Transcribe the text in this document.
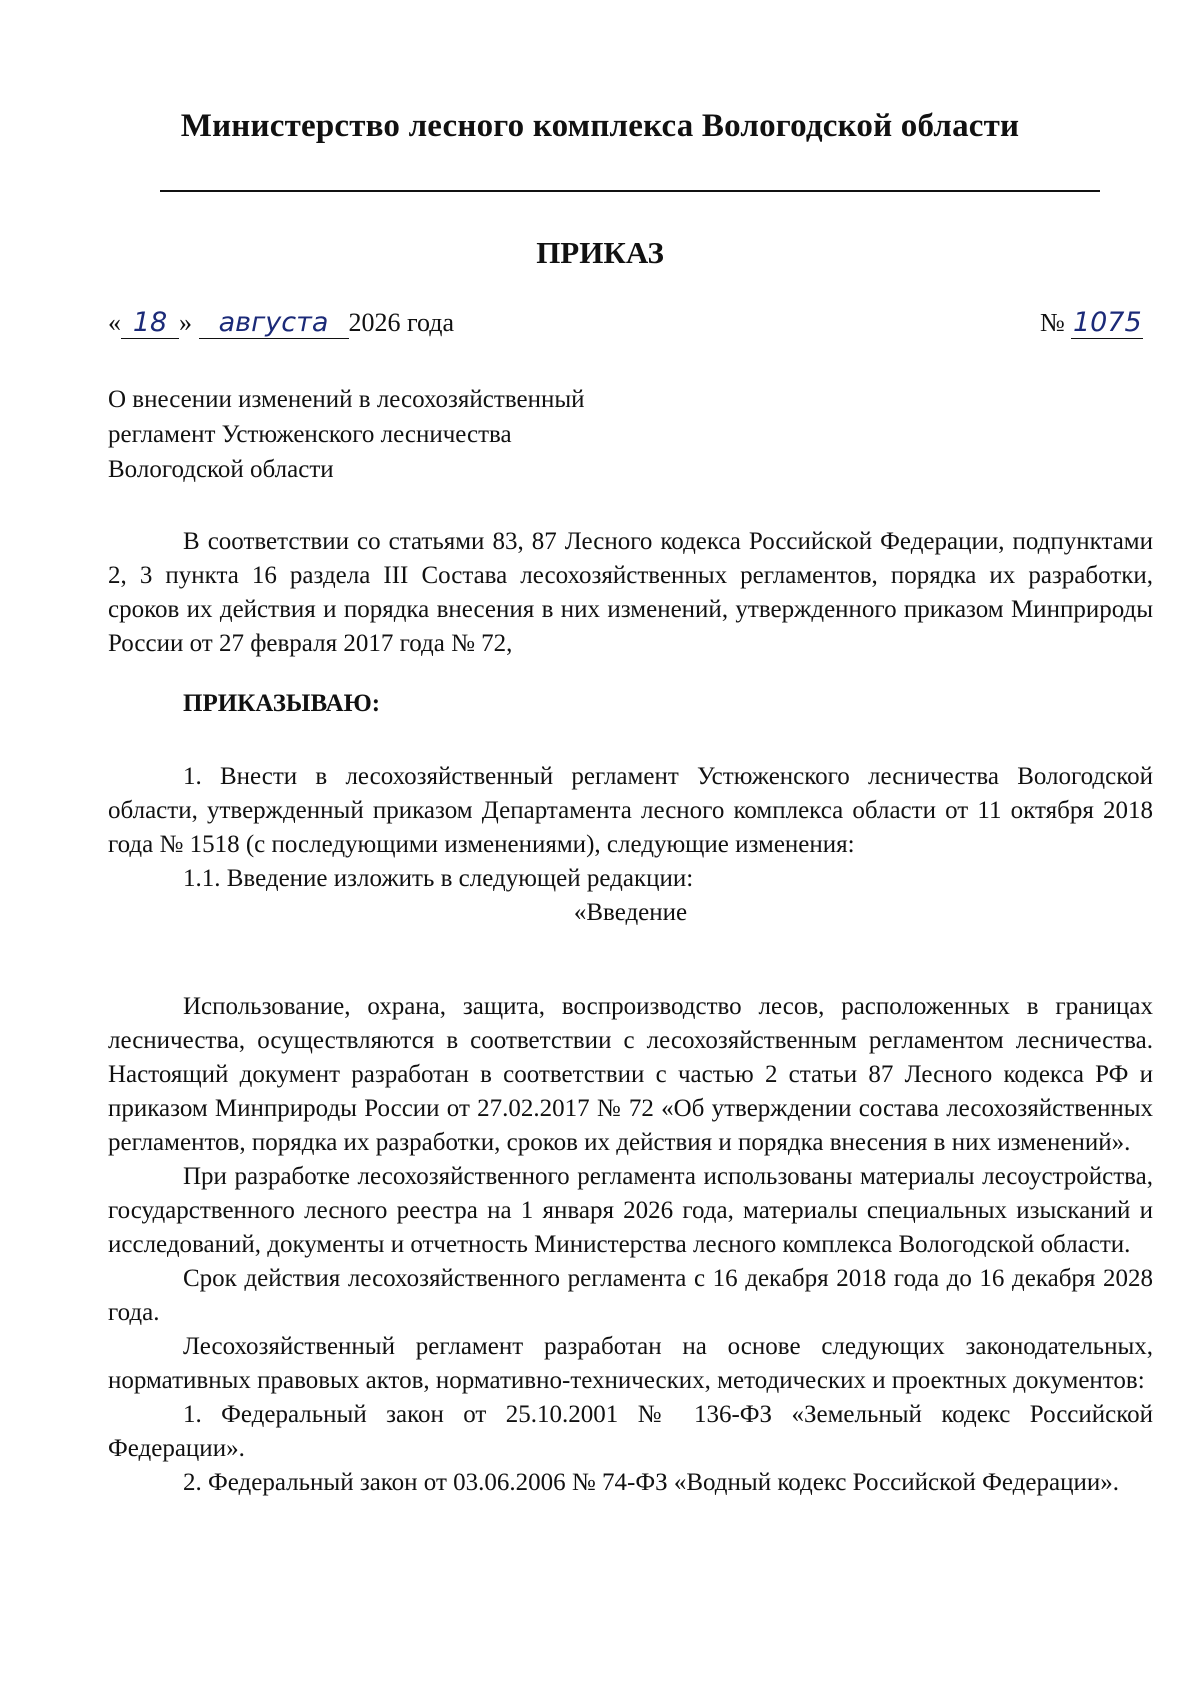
Министерство лесного комплекса Вологодской области
ПРИКАЗ
« 18 » августа 2026 года	№ 1075
О внесении изменений в лесохозяйственный
регламент Устюженского лесничества
Вологодской области

В соответствии со статьями 83, 87 Лесного кодекса Российской Федерации, подпунктами 2, 3 пункта 16 раздела III Состава лесохозяйственных регламентов, порядка их разработки, сроков их действия и порядка внесения в них изменений, утвержденного приказом Минприроды России от 27 февраля 2017 года № 72,

ПРИКАЗЫВАЮ:

1. Внести в лесохозяйственный регламент Устюженского лесничества Вологодской области, утвержденный приказом Департамента лесного комплекса области от 11 октября 2018 года № 1518 (с последующими изменениями), следующие изменения:

1.1. Введение изложить в следующей редакции:

«Введение

Использование, охрана, защита, воспроизводство лесов, расположенных в границах лесничества, осуществляются в соответствии с лесохозяйственным регламентом лесничества. Настоящий документ разработан в соответствии с частью 2 статьи 87 Лесного кодекса РФ и приказом Минприроды России от 27.02.2017 № 72 «Об утверждении состава лесохозяйственных регламентов, порядка их разработки, сроков их действия и порядка внесения в них изменений».

При разработке лесохозяйственного регламента использованы материалы лесоустройства, государственного лесного реестра на 1 января 2026 года, материалы специальных изысканий и исследований, документы и отчетность Министерства лесного комплекса Вологодской области.

Срок действия лесохозяйственного регламента с 16 декабря 2018 года до 16 декабря 2028 года.

Лесохозяйственный регламент разработан на основе следующих законодательных, нормативных правовых актов, нормативно-технических, методических и проектных документов:

1. Федеральный закон от 25.10.2001 № 136-ФЗ «Земельный кодекс Российской Федерации».

2. Федеральный закон от 03.06.2006 № 74-ФЗ «Водный кодекс Российской Федерации».
